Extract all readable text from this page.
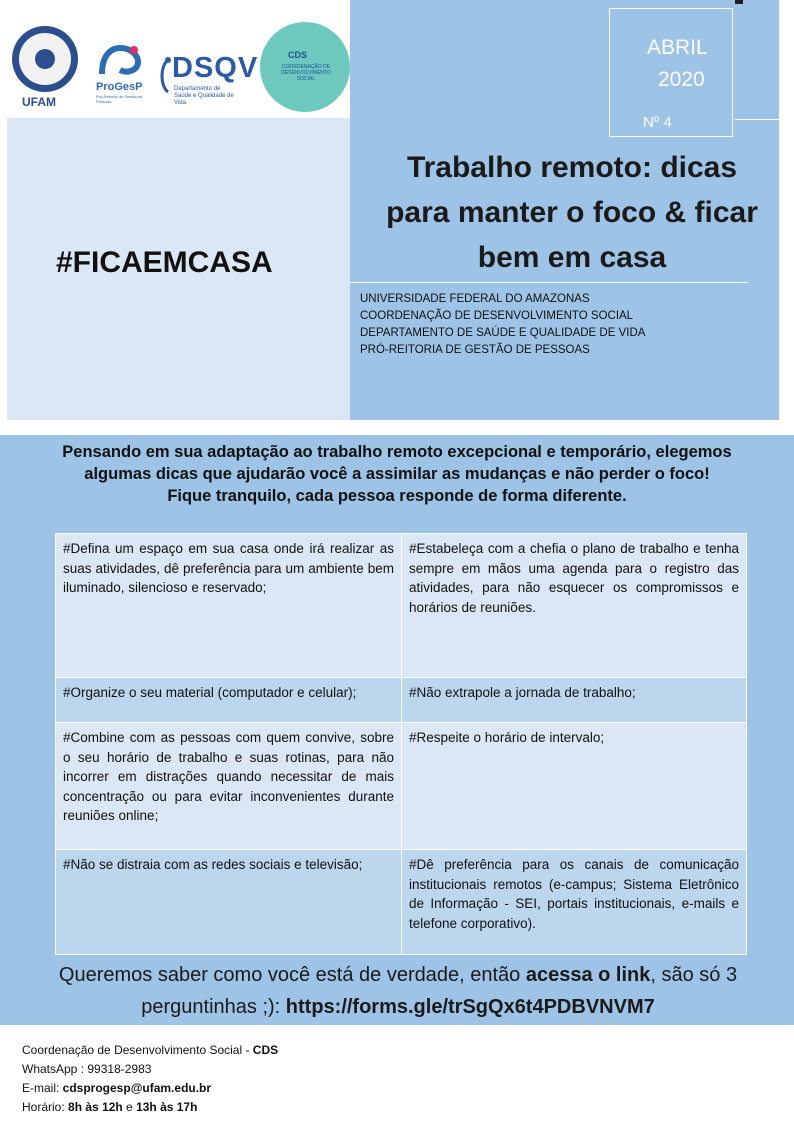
UFAM
ProGesP
Pró-Reitoria de Gestão de Pessoas
DSQV
Departamento de Saúde e Qualidade de Vida
CDS
COORDENAÇÃO DE DESENVOLVIMENTO SOCIAL
ABRIL
2020
Nº 4
#FICAEMCASA
Trabalho remoto: dicas
para manter o foco & ficar
bem em casa
UNIVERSIDADE FEDERAL DO AMAZONAS
COORDENAÇÃO DE DESENVOLVIMENTO SOCIAL
DEPARTAMENTO DE SAÚDE E QUALIDADE DE VIDA
PRÓ-REITORIA DE GESTÃO DE PESSOAS
Pensando em sua adaptação ao trabalho remoto excepcional e temporário, elegemos
algumas dicas que ajudarão você a assimilar as mudanças e não perder o foco!
Fique tranquilo, cada pessoa responde de forma diferente.
#Defina um espaço em sua casa onde irá realizar as suas atividades, dê preferência para um ambiente bem iluminado, silencioso e reservado;	#Estabeleça com a chefia o plano de trabalho e tenha sempre em mãos uma agenda para o registro das atividades, para não esquecer os compromissos e horários de reuniões.
#Organize o seu material (computador e celular);	#Não extrapole a jornada de trabalho;
#Combine com as pessoas com quem convive, sobre o seu horário de trabalho e suas rotinas, para não incorrer em distrações quando necessitar de mais concentração ou para evitar inconvenientes durante reuniões online;	#Respeite o horário de intervalo;
#Não se distraia com as redes sociais e televisão;	#Dê preferência para os canais de comunicação institucionais remotos (e-campus; Sistema Eletrônico de Informação - SEI, portais institucionais, e-mails e telefone corporativo).
Queremos saber como você está de verdade, então acessa o link, são só 3 perguntinhas ;): https://forms.gle/trSgQx6t4PDBVNVM7
Coordenação de Desenvolvimento Social - CDS
WhatsApp : 99318-2983
E-mail: cdsprogesp@ufam.edu.br
Horário: 8h às 12h e 13h às 17h
